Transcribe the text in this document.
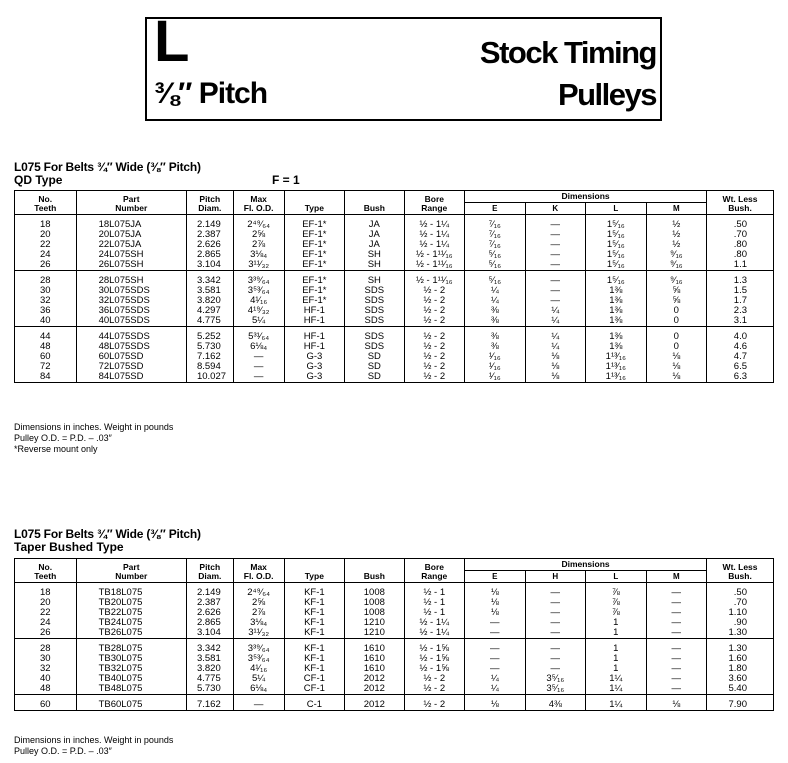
L
⅜″ Pitch
Stock Timing
Pulleys
L075 For Belts ¾″ Wide (⅜″ Pitch)
QD Type	F = 1
No.
Teeth	Part
Number	Pitch
Diam.	Max
Fl. O.D.	Type	Bush	Bore
Range	Dimensions				Wt. Less
Bush.
							E	K	L	M	

18	18L075JA	2.149	2⁴⁹⁄₆₄	EF-1*	JA	½ - 1¼	⁷⁄₁₆	—	1⁵⁄₁₆	½	.50
20	20L075JA	2.387	2⅝	EF-1*	JA	½ - 1¼	⁷⁄₁₆	—	1⁵⁄₁₆	½	.70
22	22L075JA	2.626	2⅞	EF-1*	JA	½ - 1¼	⁷⁄₁₆	—	1⁵⁄₁₆	½	.80
24	24L075SH	2.865	3⅛₄	EF-1*	SH	½ - 1¹¹⁄₁₆	⁵⁄₁₆	—	1⁵⁄₁₆	⁹⁄₁₆	.80
26	26L075SH	3.104	3¹¹⁄₃₂	EF-1*	SH	½ - 1¹¹⁄₁₆	⁵⁄₁₆	—	1⁵⁄₁₆	⁹⁄₁₆	1.1

28	28L075SH	3.342	3³⁹⁄₆₄	EF-1*	SH	½ - 1¹¹⁄₁₆	⁵⁄₁₆	—	1⁵⁄₁₆	⁹⁄₁₆	1.3
30	30L075SDS	3.581	3⁵³⁄₆₄	EF-1*	SDS	½ - 2	¼	—	1⅜	⅝	1.5
32	32L075SDS	3.820	4¹⁄₁₆	EF-1*	SDS	½ - 2	¼	—	1⅜	⅝	1.7
36	36L075SDS	4.297	4¹⁹⁄₃₂	HF-1	SDS	½ - 2	⅜	¼	1⅜	0	2.3
40	40L075SDS	4.775	5¼	HF-1	SDS	½ - 2	⅜	¼	1⅜	0	3.1

44	44L075SDS	5.252	5³¹⁄₆₄	HF-1	SDS	½ - 2	⅜	¼	1⅜	0	4.0
48	48L075SDS	5.730	6⅛₄	HF-1	SDS	½ - 2	⅜	¼	1⅜	0	4.6
60	60L075SD	7.162	—	G-3	SD	½ - 2	¹⁄₁₆	⅛	1¹³⁄₁₆	⅛	4.7
72	72L075SD	8.594	—	G-3	SD	½ - 2	¹⁄₁₆	⅛	1¹³⁄₁₆	⅛	6.5
84	84L075SD	10.027	—	G-3	SD	½ - 2	¹⁄₁₆	⅛	1¹³⁄₁₆	⅛	6.3
Dimensions in inches. Weight in pounds
Pulley O.D. = P.D. – .03″
*Reverse mount only
L075 For Belts ¾″ Wide (⅜″ Pitch)
Taper Bushed Type
No.
Teeth	Part
Number	Pitch
Diam.	Max
Fl. O.D.	Type	Bush	Bore
Range	Dimensions				Wt. Less
Bush.
							E	H	L	M	

18	TB18L075	2.149	2⁴⁹⁄₆₄	KF-1	1008	½ - 1	⅛	—	⅞	—	.50
20	TB20L075	2.387	2⅝	KF-1	1008	½ - 1	⅛	—	⅞	—	.70
22	TB22L075	2.626	2⅞	KF-1	1008	½ - 1	⅛	—	⅞	—	1.10
24	TB24L075	2.865	3⅛₄	KF-1	1210	½ - 1¼	—	—	1	—	.90
26	TB26L075	3.104	3¹¹⁄₃₂	KF-1	1210	½ - 1¼	—	—	1	—	1.30

28	TB28L075	3.342	3³⁹⁄₆₄	KF-1	1610	½ - 1⅝	—	—	1	—	1.30
30	TB30L075	3.581	3⁵³⁄₆₄	KF-1	1610	½ - 1⅝	—	—	1	—	1.60
32	TB32L075	3.820	4¹⁄₁₆	KF-1	1610	½ - 1⅝	—	—	1	—	1.80
40	TB40L075	4.775	5¼	CF-1	2012	½ - 2	¼	3⁵⁄₁₆	1¼	—	3.60
48	TB48L075	5.730	6⅛₄	CF-1	2012	½ - 2	¼	3⁵⁄₁₆	1¼	—	5.40

60	TB60L075	7.162	—	C-1	2012	½ - 2	⅛	4⅜	1¼	⅛	7.90
Dimensions in inches. Weight in pounds
Pulley O.D. = P.D. – .03″
